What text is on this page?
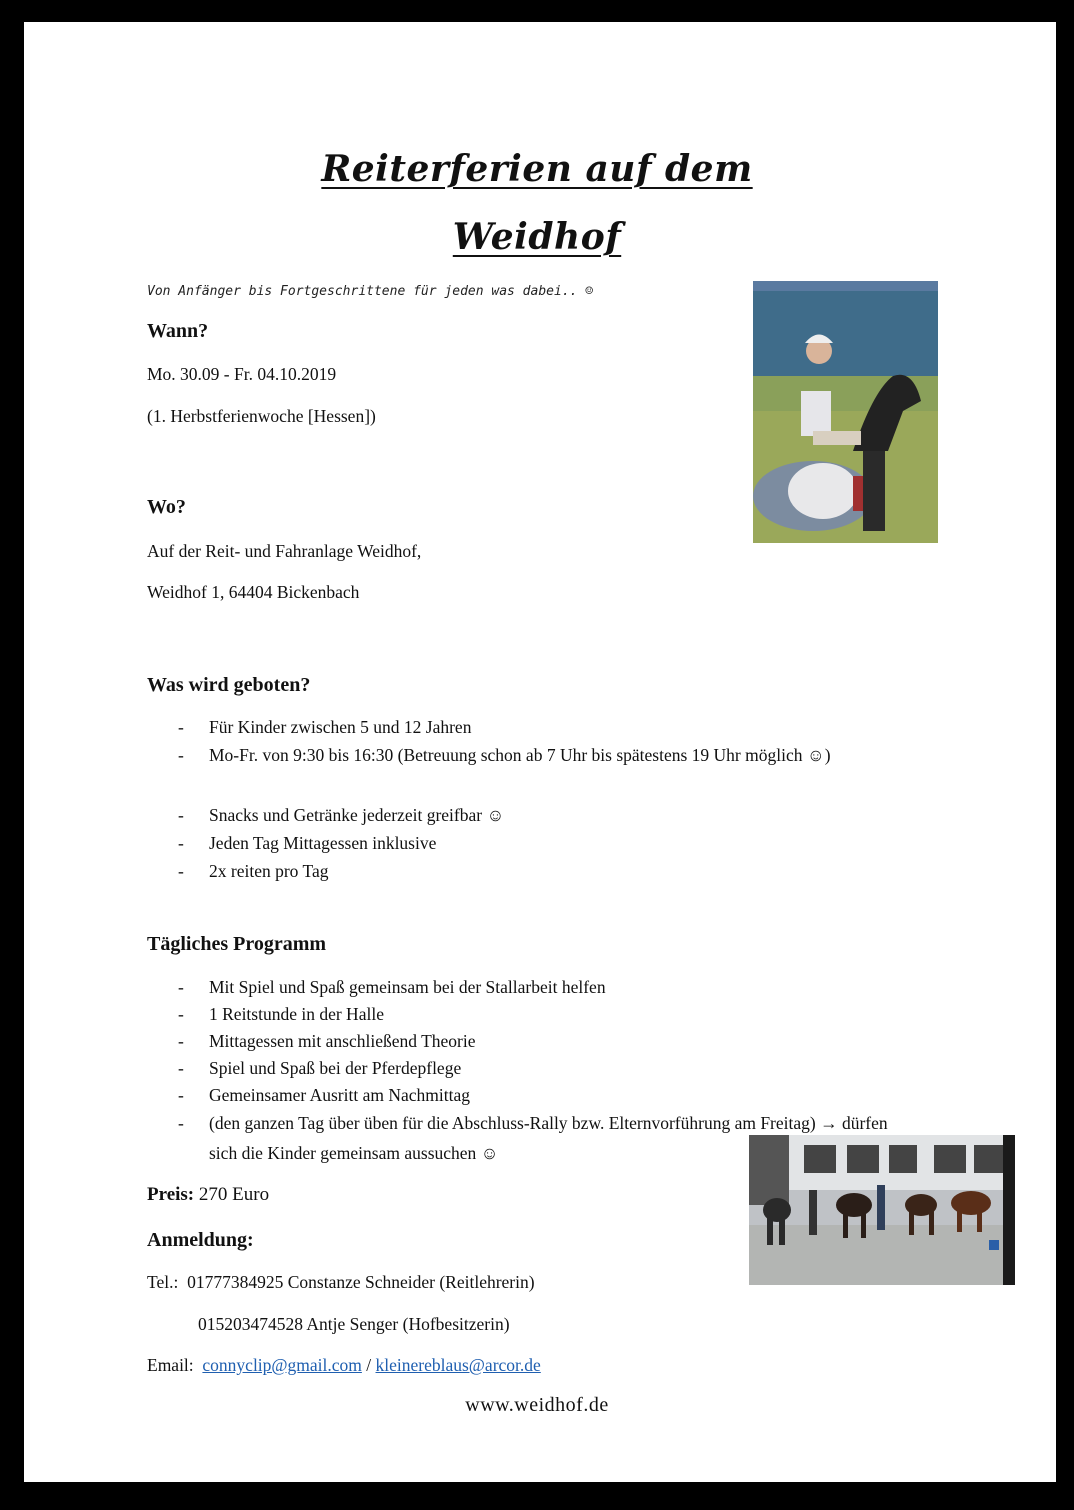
Reiterferien auf dem
Weidhof
Von Anfänger bis Fortgeschrittene für jeden was dabei.. ☺
Wann?
Mo. 30.09 - Fr. 04.10.2019
(1. Herbstferienwoche [Hessen])
Wo?
Auf der Reit- und Fahranlage Weidhof,
Weidhof 1, 64404 Bickenbach
Was wird geboten?
-	Für Kinder zwischen 5 und 12 Jahren
-	Mo-Fr. von 9:30 bis 16:30 (Betreuung schon ab 7 Uhr bis spätestens 19 Uhr möglich ☺)
-	Snacks und Getränke jederzeit greifbar ☺
-	Jeden Tag Mittagessen inklusive
-	2x reiten pro Tag
Tägliches Programm
-	Mit Spiel und Spaß gemeinsam bei der Stallarbeit helfen
-	1 Reitstunde in der Halle
-	Mittagessen mit anschließend Theorie
-	Spiel und Spaß bei der Pferdepflege
-	Gemeinsamer Ausritt am Nachmittag
-	(den ganzen Tag über üben für die Abschluss-Rally bzw. Elternvorführung am Freitag) → dürfen sich die Kinder gemeinsam aussuchen ☺
Preis: 270 Euro
Anmeldung:
Tel.: 01777384925 Constanze Schneider (Reitlehrerin)
015203474528 Antje Senger (Hofbesitzerin)
Email: connyclip@gmail.com / kleinereblaus@arcor.de
www.weidhof.de
